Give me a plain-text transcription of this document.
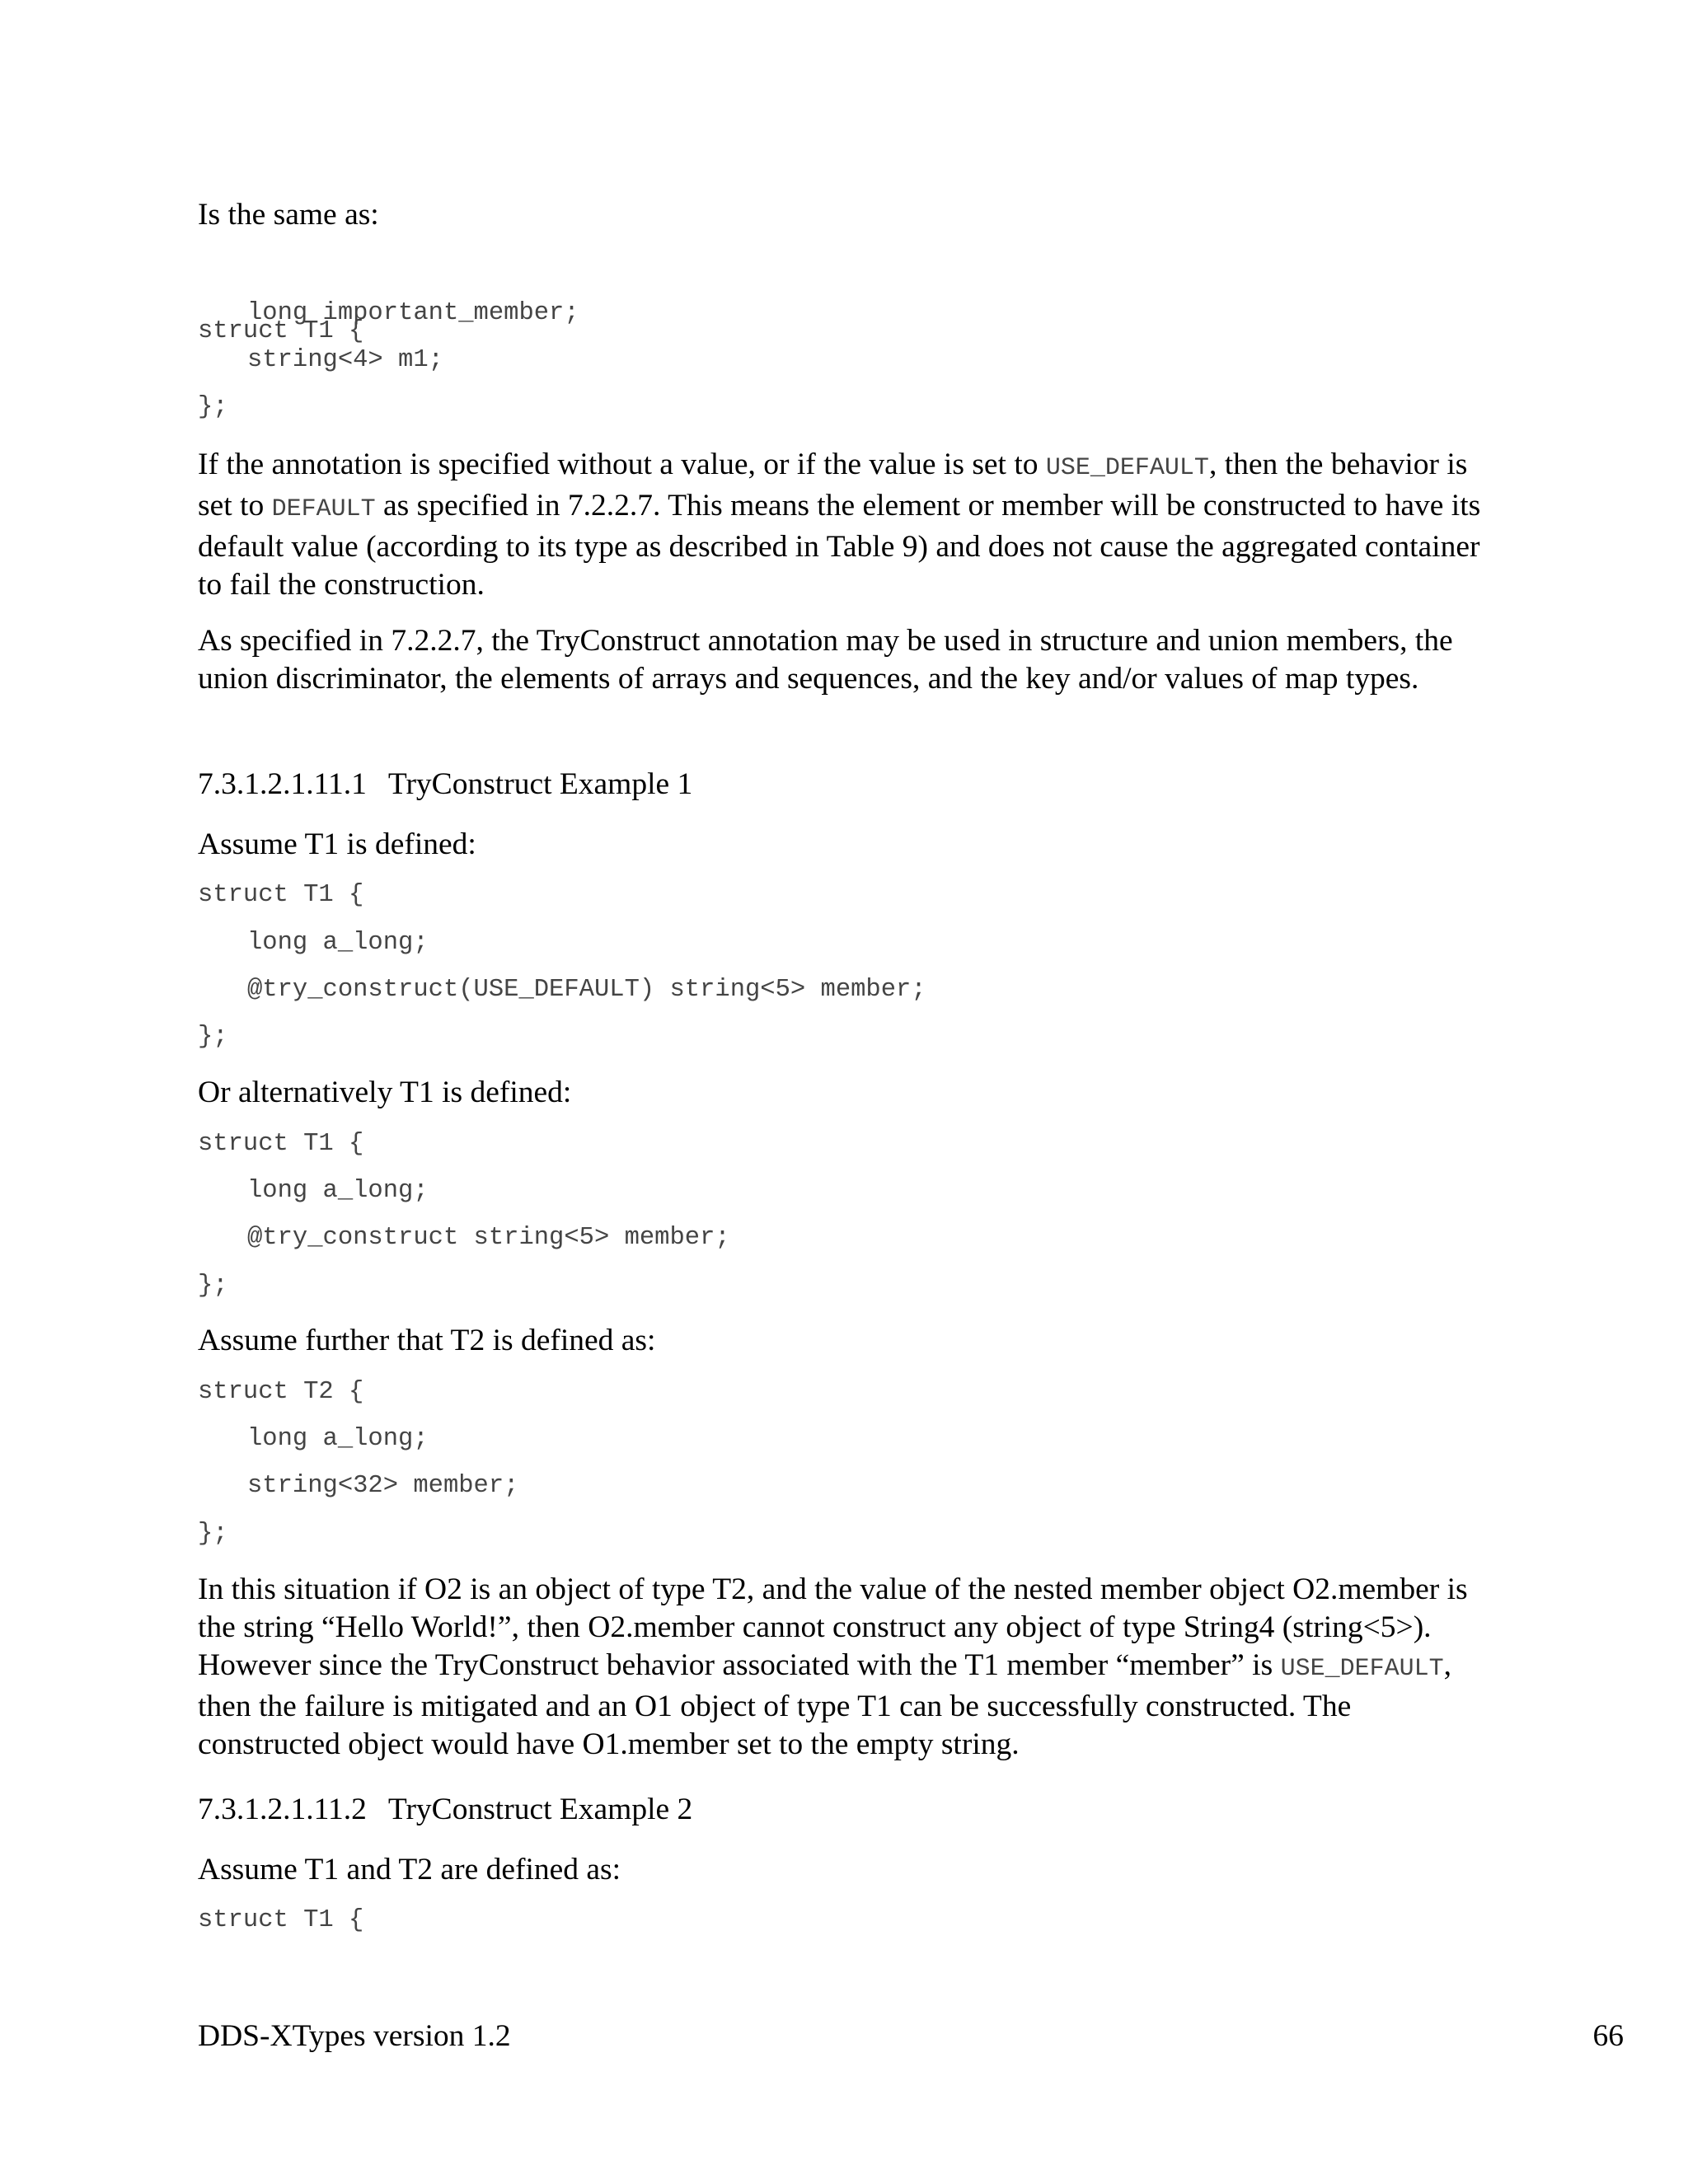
Is the same as:

struct T1 {

long important_member;
string<4> m1;
};

If the annotation is specified without a value, or if the value is set to USE_DEFAULT, then the behavior is set to DEFAULT as specified in 7.2.2.7. This means the element or member will be constructed to have its default value (according to its type as described in Table 9) and does not cause the aggregated container to fail the construction.

As specified in 7.2.2.7, the TryConstruct annotation may be used in structure and union members, the union discriminator, the elements of arrays and sequences, and the key and/or values of map types.

7.3.1.2.1.11.1 TryConstruct Example 1

Assume T1 is defined:

struct T1 {
long a_long;
@try_construct(USE_DEFAULT) string<5> member;
};

Or alternatively T1 is defined:

struct T1 {
long a_long;
@try_construct string<5> member;
};

Assume further that T2 is defined as:

struct T2 {
long a_long;
string<32> member;
};

In this situation if O2 is an object of type T2, and the value of the nested member object O2.member is the string “Hello World!”, then O2.member cannot construct any object of type String4 (string<5>). However since the TryConstruct behavior associated with the T1 member “member” is USE_DEFAULT, then the failure is mitigated and an O1 object of type T1 can be successfully constructed. The constructed object would have O1.member set to the empty string.

7.3.1.2.1.11.2 TryConstruct Example 2

Assume T1 and T2 are defined as:

struct T1 {
DDS-XTypes version 1.2	66
